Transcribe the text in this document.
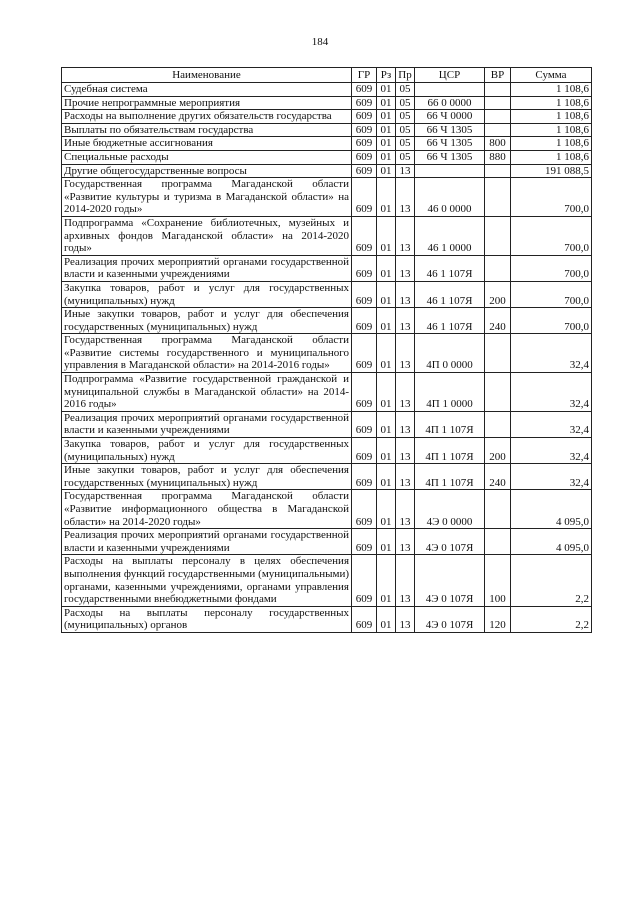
184
Наименование	ГР	Рз	Пр	ЦСР	ВР	Сумма
Судебная система	609	01	05			1 108,6
Прочие непрограммные мероприятия	609	01	05	66 0 0000		1 108,6
Расходы на выполнение других обязательств государства	609	01	05	66 Ч 0000		1 108,6
Выплаты по обязательствам государства	609	01	05	66 Ч 1305		1 108,6
Иные бюджетные ассигнования	609	01	05	66 Ч 1305	800	1 108,6
Специальные расходы	609	01	05	66 Ч 1305	880	1 108,6
Другие общегосударственные вопросы	609	01	13			191 088,5
Государственная программа Магаданской области «Развитие культуры и туризма в Магаданской области» на 2014-2020 годы»	609	01	13	46 0 0000		700,0
Подпрограмма «Сохранение библиотечных, музейных и архивных фондов Магаданской области» на 2014-2020 годы»	609	01	13	46 1 0000		700,0
Реализация прочих мероприятий органами государственной власти и казенными учреждениями	609	01	13	46 1 107Я		700,0
Закупка товаров, работ и услуг для государственных (муниципальных) нужд	609	01	13	46 1 107Я	200	700,0
Иные закупки товаров, работ и услуг для обеспечения государственных (муниципальных) нужд	609	01	13	46 1 107Я	240	700,0
Государственная программа Магаданской области «Развитие системы государственного и муниципального управления в Магаданской области» на 2014-2016 годы»	609	01	13	4П 0 0000		32,4
Подпрограмма «Развитие государственной гражданской и муниципальной службы в Магаданской области» на 2014-2016 годы»	609	01	13	4П 1 0000		32,4
Реализация прочих мероприятий органами государственной власти и казенными учреждениями	609	01	13	4П 1 107Я		32,4
Закупка товаров, работ и услуг для государственных (муниципальных) нужд	609	01	13	4П 1 107Я	200	32,4
Иные закупки товаров, работ и услуг для обеспечения государственных (муниципальных) нужд	609	01	13	4П 1 107Я	240	32,4
Государственная программа Магаданской области «Развитие информационного общества в Магаданской области» на 2014-2020 годы»	609	01	13	4Э 0 0000		4 095,0
Реализация прочих мероприятий органами государственной власти и казенными учреждениями	609	01	13	4Э 0 107Я		4 095,0
Расходы на выплаты персоналу в целях обеспечения выполнения функций государственными (муниципальными) органами, казенными учреждениями, органами управления государственными внебюджетными фондами	609	01	13	4Э 0 107Я	100	2,2
Расходы на выплаты персоналу государственных (муниципальных) органов	609	01	13	4Э 0 107Я	120	2,2
